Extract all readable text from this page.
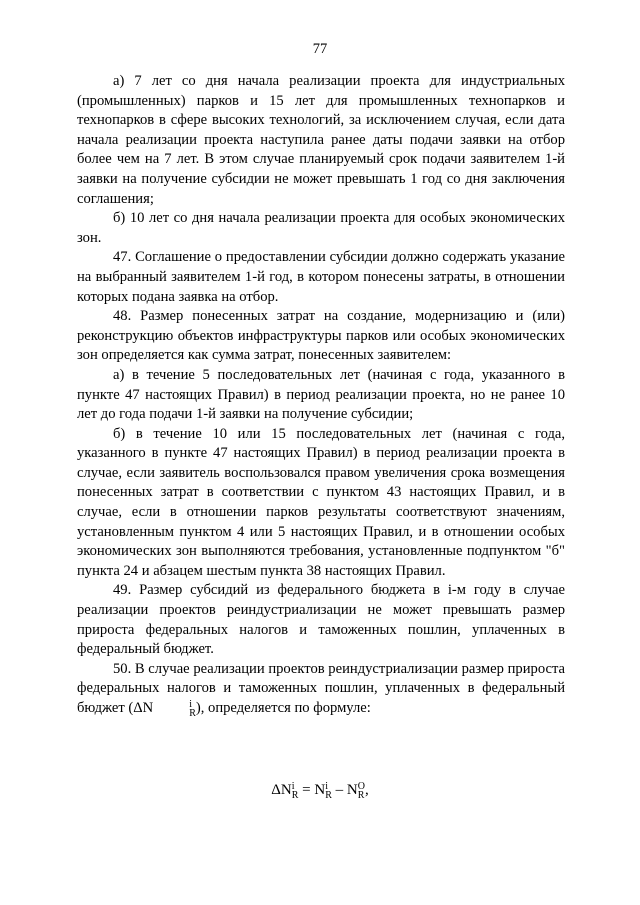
77

а) 7 лет со дня начала реализации проекта для индустриальных (промышленных) парков и 15 лет для промышленных технопарков и технопарков в сфере высоких технологий, за исключением случая, если дата начала реализации проекта наступила ранее даты подачи заявки на отбор более чем на 7 лет. В этом случае планируемый срок подачи заявителем 1-й заявки на получение субсидии не может превышать 1 год со дня заключения соглашения;

б) 10 лет со дня начала реализации проекта для особых экономических зон.

47. Соглашение о предоставлении субсидии должно содержать указание на выбранный заявителем 1-й год, в котором понесены затраты, в отношении которых подана заявка на отбор.

48. Размер понесенных затрат на создание, модернизацию и (или) реконструкцию объектов инфраструктуры парков или особых экономических зон определяется как сумма затрат, понесенных заявителем:

а) в течение 5 последовательных лет (начиная с года, указанного в пункте 47 настоящих Правил) в период реализации проекта, но не ранее 10 лет до года подачи 1-й заявки на получение субсидии;

б) в течение 10 или 15 последовательных лет (начиная с года, указанного в пункте 47 настоящих Правил) в период реализации проекта в случае, если заявитель воспользовался правом увеличения срока возмещения понесенных затрат в соответствии с пунктом 43 настоящих Правил, и в случае, если в отношении парков результаты соответствуют значениям, установленным пунктом 4 или 5 настоящих Правил, и в отношении особых экономических зон выполняются требования, установленные подпунктом "б" пункта 24 и абзацем шестым пункта 38 настоящих Правил.

49. Размер субсидий из федерального бюджета в i-м году в случае реализации проектов реиндустриализации не может превышать размер прироста федеральных налогов и таможенных пошлин, уплаченных в федеральный бюджет.

50. В случае реализации проектов реиндустриализации размер прироста федеральных налогов и таможенных пошлин, уплаченных в федеральный бюджет (ΔN	i
R ), определяется по формуле:

ΔN i
R = N i
R – N O
R ,
